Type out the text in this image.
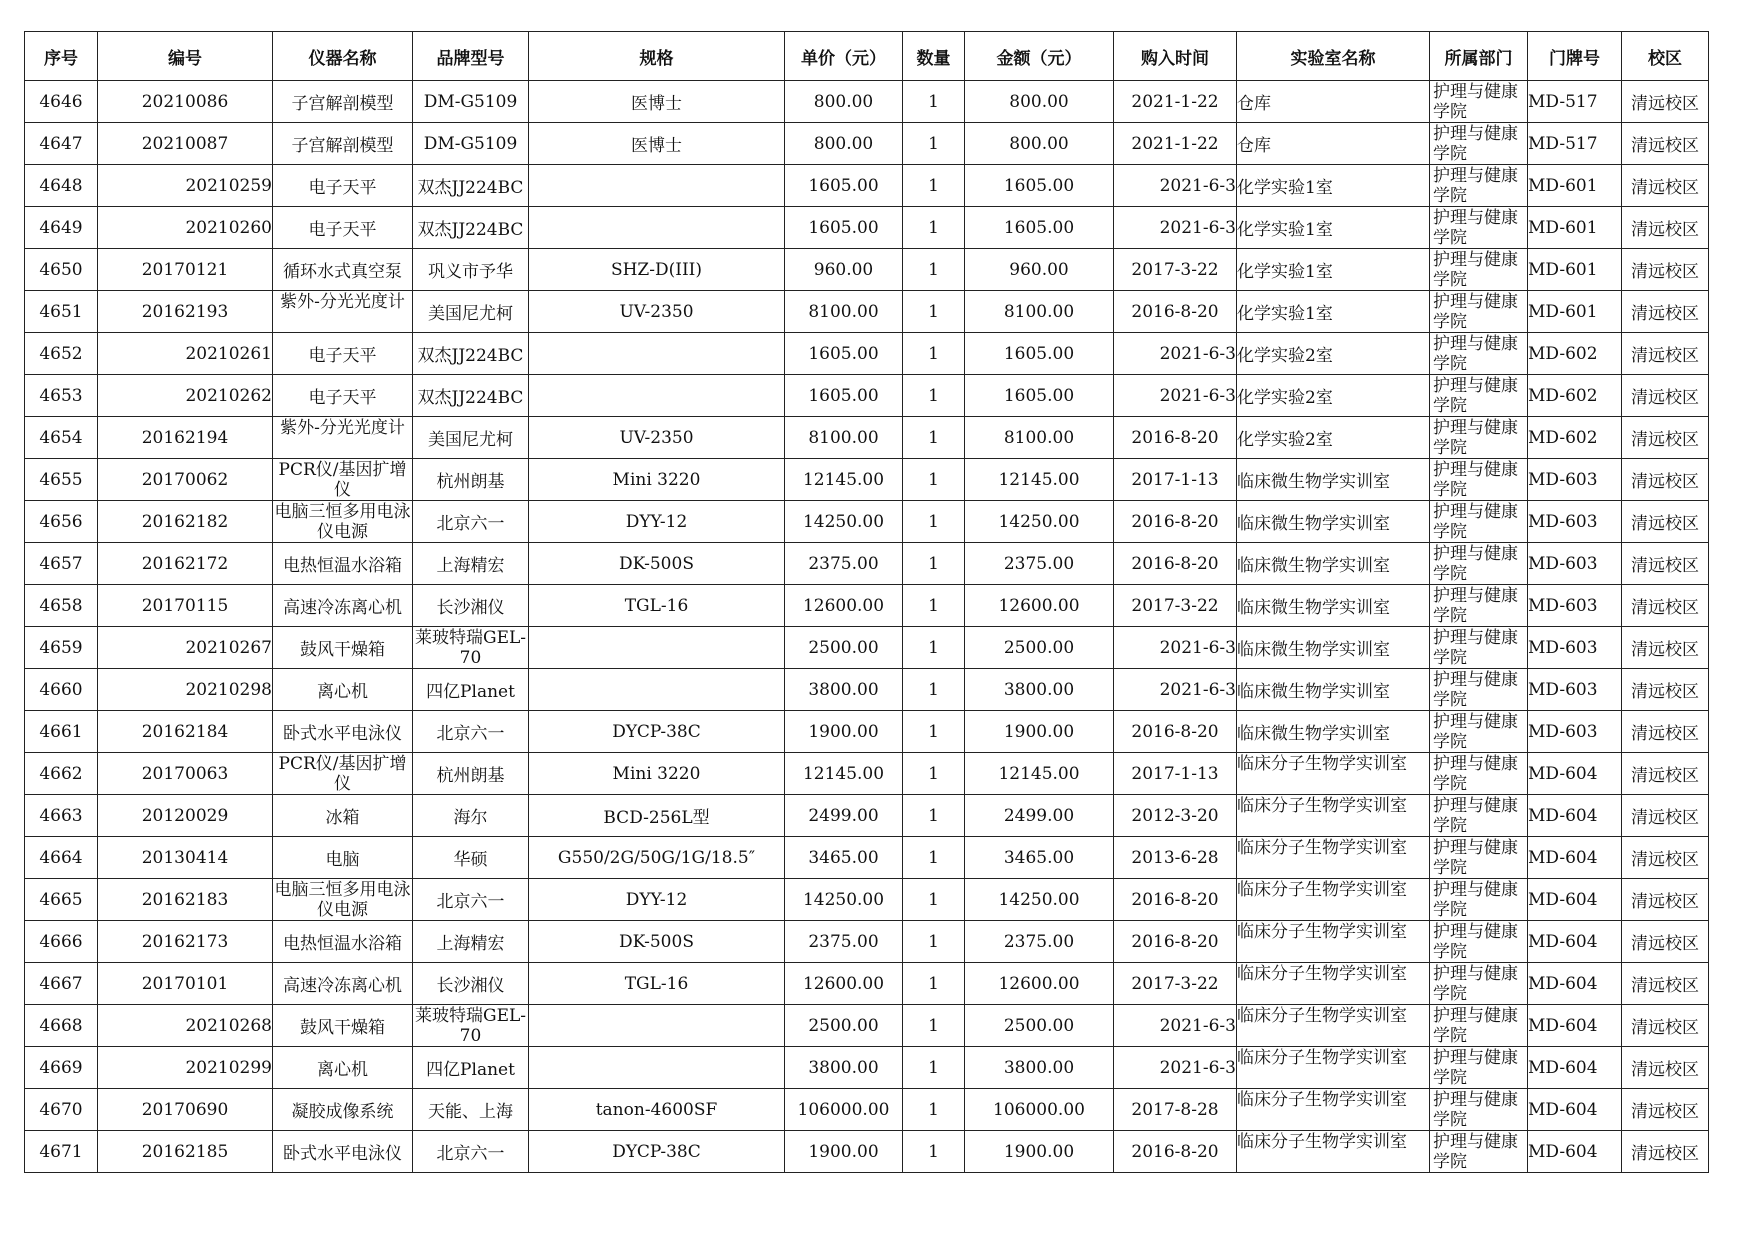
序号	编号	仪器名称	品牌型号	规格	单价（元）	数量	金额（元）	购入时间	实验室名称	所属部门	门牌号	校区

4646	20210086	子宫解剖模型	DM-G5109	医博士	800.00	1	800.00	2021-1-22	仓库	护理与健康学院	MD-517	清远校区

4647	20210087	子宫解剖模型	DM-G5109	医博士	800.00	1	800.00	2021-1-22	仓库	护理与健康学院	MD-517	清远校区

4648	20210259	电子天平	双杰JJ224BC		1605.00	1	1605.00	2021-6-3	化学实验1室	护理与健康学院	MD-601	清远校区

4649	20210260	电子天平	双杰JJ224BC		1605.00	1	1605.00	2021-6-3	化学实验1室	护理与健康学院	MD-601	清远校区

4650	20170121	循环水式真空泵	巩义市予华	SHZ-D(III)	960.00	1	960.00	2017-3-22	化学实验1室	护理与健康学院	MD-601	清远校区

4651	20162193	紫外-分光光度计	美国尼尤柯	UV-2350	8100.00	1	8100.00	2016-8-20	化学实验1室	护理与健康学院	MD-601	清远校区

4652	20210261	电子天平	双杰JJ224BC		1605.00	1	1605.00	2021-6-3	化学实验2室	护理与健康学院	MD-602	清远校区

4653	20210262	电子天平	双杰JJ224BC		1605.00	1	1605.00	2021-6-3	化学实验2室	护理与健康学院	MD-602	清远校区

4654	20162194	紫外-分光光度计	美国尼尤柯	UV-2350	8100.00	1	8100.00	2016-8-20	化学实验2室	护理与健康学院	MD-602	清远校区

4655	20170062	PCR仪/基因扩增仪	杭州朗基	Mini 3220	12145.00	1	12145.00	2017-1-13	临床微生物学实训室	护理与健康学院	MD-603	清远校区

4656	20162182	电脑三恒多用电泳仪电源	北京六一	DYY-12	14250.00	1	14250.00	2016-8-20	临床微生物学实训室	护理与健康学院	MD-603	清远校区

4657	20162172	电热恒温水浴箱	上海精宏	DK-500S	2375.00	1	2375.00	2016-8-20	临床微生物学实训室	护理与健康学院	MD-603	清远校区

4658	20170115	高速冷冻离心机	长沙湘仪	TGL-16	12600.00	1	12600.00	2017-3-22	临床微生物学实训室	护理与健康学院	MD-603	清远校区

4659	20210267	鼓风干燥箱	莱玻特瑞GEL-70		2500.00	1	2500.00	2021-6-3	临床微生物学实训室	护理与健康学院	MD-603	清远校区

4660	20210298	离心机	四亿Planet		3800.00	1	3800.00	2021-6-3	临床微生物学实训室	护理与健康学院	MD-603	清远校区

4661	20162184	卧式水平电泳仪	北京六一	DYCP-38C	1900.00	1	1900.00	2016-8-20	临床微生物学实训室	护理与健康学院	MD-603	清远校区

4662	20170063	PCR仪/基因扩增仪	杭州朗基	Mini 3220	12145.00	1	12145.00	2017-1-13	临床分子生物学实训室	护理与健康学院	MD-604	清远校区

4663	20120029	冰箱	海尔	BCD-256L型	2499.00	1	2499.00	2012-3-20	临床分子生物学实训室	护理与健康学院	MD-604	清远校区

4664	20130414	电脑	华硕	G550/2G/50G/1G/18.5″	3465.00	1	3465.00	2013-6-28	临床分子生物学实训室	护理与健康学院	MD-604	清远校区

4665	20162183	电脑三恒多用电泳仪电源	北京六一	DYY-12	14250.00	1	14250.00	2016-8-20	临床分子生物学实训室	护理与健康学院	MD-604	清远校区

4666	20162173	电热恒温水浴箱	上海精宏	DK-500S	2375.00	1	2375.00	2016-8-20	临床分子生物学实训室	护理与健康学院	MD-604	清远校区

4667	20170101	高速冷冻离心机	长沙湘仪	TGL-16	12600.00	1	12600.00	2017-3-22	临床分子生物学实训室	护理与健康学院	MD-604	清远校区

4668	20210268	鼓风干燥箱	莱玻特瑞GEL-70		2500.00	1	2500.00	2021-6-3	临床分子生物学实训室	护理与健康学院	MD-604	清远校区

4669	20210299	离心机	四亿Planet		3800.00	1	3800.00	2021-6-3	临床分子生物学实训室	护理与健康学院	MD-604	清远校区

4670	20170690	凝胶成像系统	天能、上海	tanon-4600SF	106000.00	1	106000.00	2017-8-28	临床分子生物学实训室	护理与健康学院	MD-604	清远校区

4671	20162185	卧式水平电泳仪	北京六一	DYCP-38C	1900.00	1	1900.00	2016-8-20	临床分子生物学实训室	护理与健康学院	MD-604	清远校区
